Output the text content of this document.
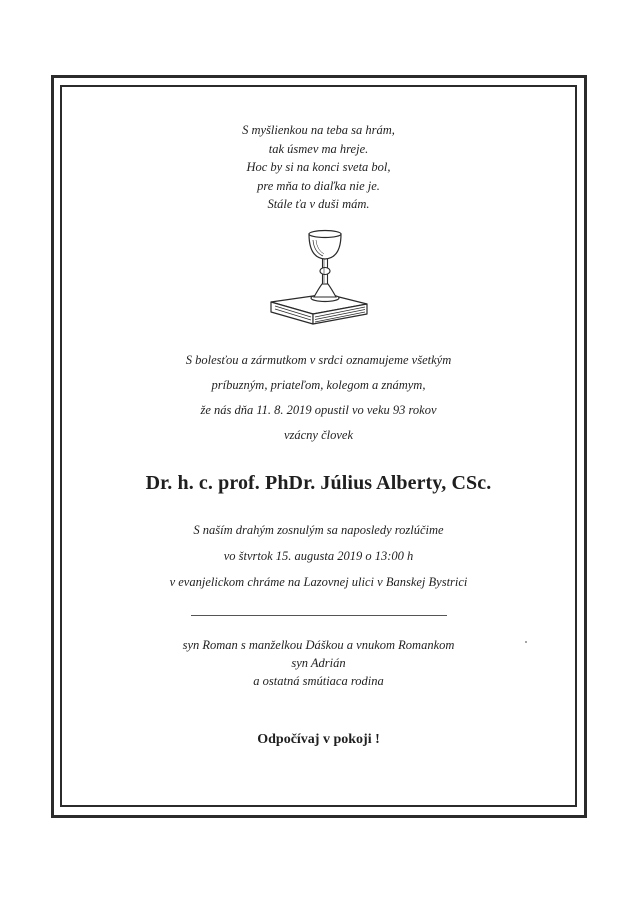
S myšlienkou na teba sa hrám,
tak úsmev ma hreje.
Hoc by si na konci sveta bol,
pre mňa to diaľka nie je.
Stále ťa v duši mám.
S bolesťou a zármutkom v srdci oznamujeme všetkým
príbuzným, priateľom, kolegom a známym,
že nás dňa 11. 8. 2019 opustil vo veku 93 rokov
vzácny človek
Dr. h. c. prof. PhDr. Július Alberty, CSc.
S naším drahým zosnulým sa naposledy rozlúčime
vo štvrtok 15. augusta 2019 o 13:00 h
v evanjelickom chráme na Lazovnej ulici v Banskej Bystrici
syn Roman s manželkou Dáškou a vnukom Romankom
syn Adrián
a ostatná smútiaca rodina
Odpočívaj v pokoji !
